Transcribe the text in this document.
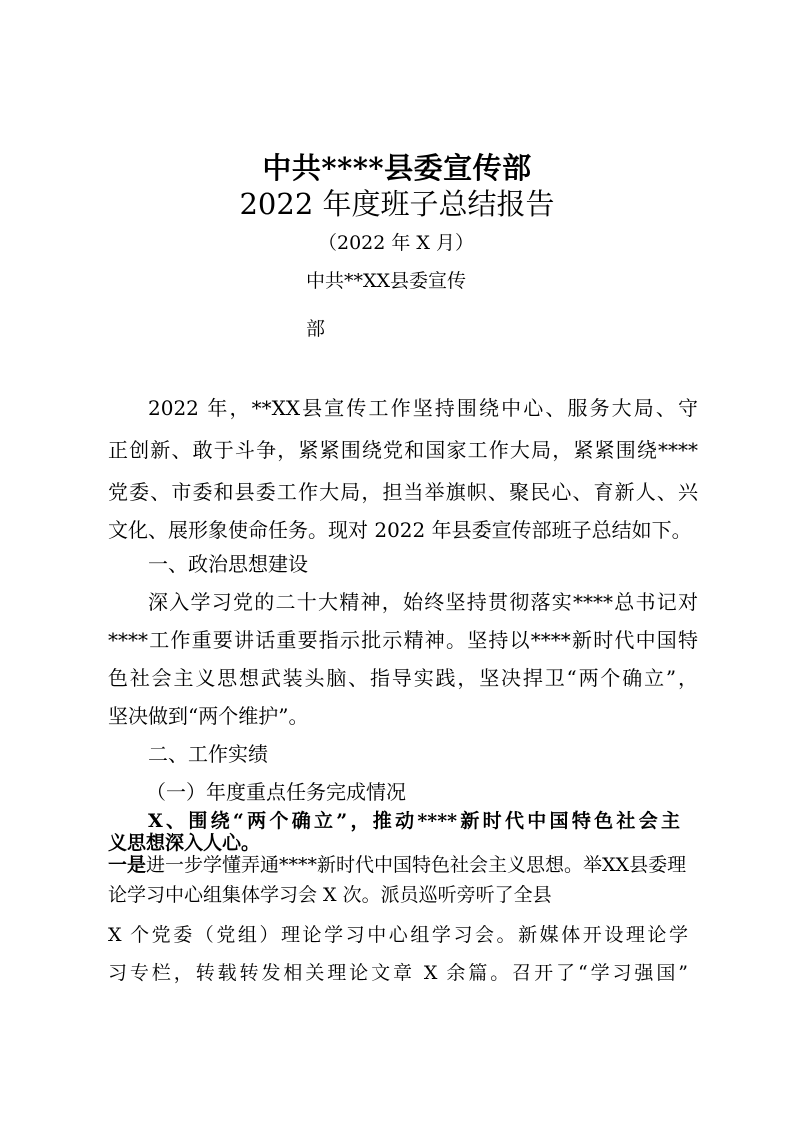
中共****县委宣传部
2022 年度班子总结报告
（2022 年 X 月）
中共**XX县委宣传
部
2022 年，**XX县宣传工作坚持围绕中心、服务大局、守
正创新、敢于斗争，紧紧围绕党和国家工作大局，紧紧围绕****
党委、市委和县委工作大局，担当举旗帜、聚民心、育新人、兴
文化、展形象使命任务。现对 2022 年县委宣传部班子总结如下。
一、政治思想建设
深入学习党的二十大精神，始终坚持贯彻落实****总书记对
****工作重要讲话重要指示批示精神。坚持以****新时代中国特
色社会主义思想武装头脑、指导实践，坚决捍卫“两个确立”，
坚决做到“两个维护”。
二、工作实绩
（一）年度重点任务完成情况
X、围绕“两个确立”，推动****新时代中国特色社会主
义思想深入人心。
一是进一步学懂弄通****新时代中国特色社会主义思想。举XX县委理
论学习中心组集体学习会 X 次。派员巡听旁听了全县
X 个党委（党组）理论学习中心组学习会。新媒体开设理论学
习专栏，转载转发相关理论文章 X 余篇。召开了“学习强国”
